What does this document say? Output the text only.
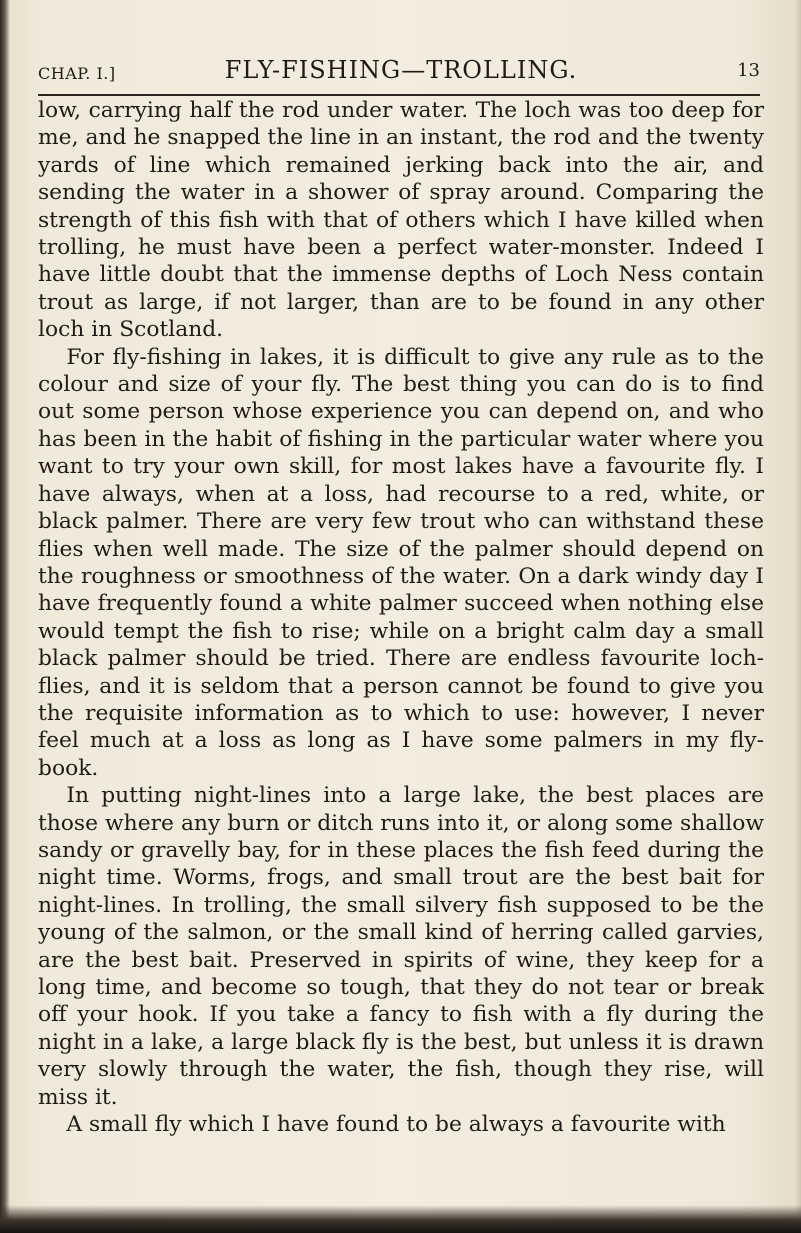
CHAP. I.]	FLY-FISHING—TROLLING.	13

low, carrying half the rod under water. The loch was too deep for me, and he snapped the line in an instant, the rod and the twenty yards of line which remained jerking back into the air, and sending the water in a shower of spray around. Comparing the strength of this fish with that of others which I have killed when trolling, he must have been a perfect water-monster. Indeed I have little doubt that the immense depths of Loch Ness contain trout as large, if not larger, than are to be found in any other loch in Scotland.

For fly-fishing in lakes, it is difficult to give any rule as to the colour and size of your fly. The best thing you can do is to find out some person whose experience you can depend on, and who has been in the habit of fishing in the particular water where you want to try your own skill, for most lakes have a favourite fly. I have always, when at a loss, had recourse to a red, white, or black palmer. There are very few trout who can withstand these flies when well made. The size of the palmer should depend on the roughness or smoothness of the water. On a dark windy day I have frequently found a white palmer succeed when nothing else would tempt the fish to rise; while on a bright calm day a small black palmer should be tried. There are endless favourite loch-flies, and it is seldom that a person cannot be found to give you the requisite information as to which to use: however, I never feel much at a loss as long as I have some palmers in my fly-book.

In putting night-lines into a large lake, the best places are those where any burn or ditch runs into it, or along some shallow sandy or gravelly bay, for in these places the fish feed during the night time. Worms, frogs, and small trout are the best bait for night-lines. In trolling, the small silvery fish supposed to be the young of the salmon, or the small kind of herring called garvies, are the best bait. Preserved in spirits of wine, they keep for a long time, and become so tough, that they do not tear or break off your hook. If you take a fancy to fish with a fly during the night in a lake, a large black fly is the best, but unless it is drawn very slowly through the water, the fish, though they rise, will miss it.

A small fly which I have found to be always a favourite with
